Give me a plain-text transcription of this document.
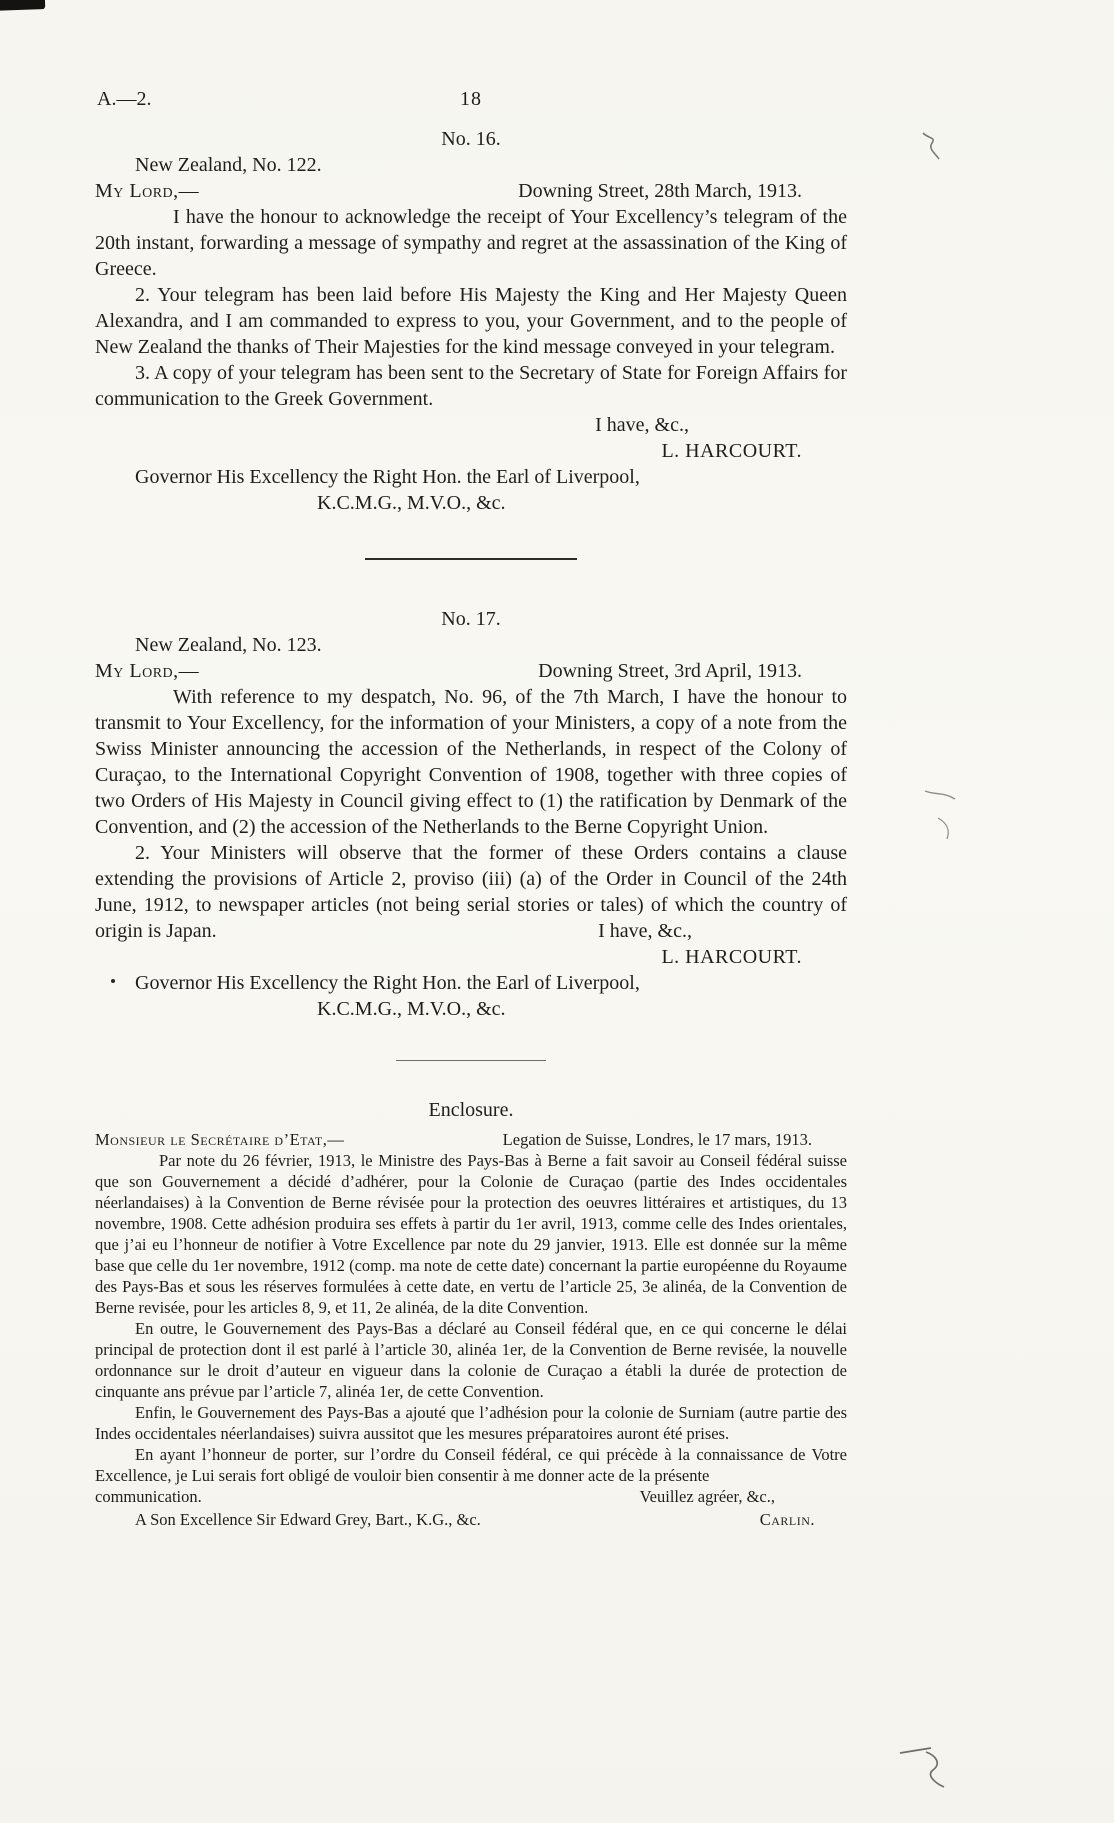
A.—2.	18
No. 16.
New Zealand, No. 122.
My Lord,—	Downing Street, 28th March, 1913.

I have the honour to acknowledge the receipt of Your Excellency’s telegram of the 20th instant, forwarding a message of sympathy and regret at the assassination of the King of Greece.

2. Your telegram has been laid before His Majesty the King and Her Majesty Queen Alexandra, and I am commanded to express to you, your Government, and to the people of New Zealand the thanks of Their Majesties for the kind message conveyed in your telegram.

3. A copy of your telegram has been sent to the Secretary of State for Foreign Affairs for communication to the Greek Government.

I have, &c.,
L. HARCOURT.
Governor His Excellency the Right Hon. the Earl of Liverpool,
K.C.M.G., M.V.O., &c.
No. 17.
New Zealand, No. 123.
My Lord,—	Downing Street, 3rd April, 1913.

With reference to my despatch, No. 96, of the 7th March, I have the honour to transmit to Your Excellency, for the information of your Ministers, a copy of a note from the Swiss Minister announcing the accession of the Netherlands, in respect of the Colony of Curaçao, to the International Copyright Convention of 1908, together with three copies of two Orders of His Majesty in Council giving effect to (1) the ratification by Denmark of the Convention, and (2) the accession of the Netherlands to the Berne Copyright Union.

2. Your Ministers will observe that the former of these Orders contains a clause extending the provisions of Article 2, proviso (iii) (a) of the Order in Council of the 24th June, 1912, to newspaper articles (not being serial stories or tales) of which the country of origin is Japan.	I have, &c.,

L. HARCOURT.
Governor His Excellency the Right Hon. the Earl of Liverpool,
K.C.M.G., M.V.O., &c.
Enclosure.
Monsieur le Secrétaire d’Etat,—	Legation de Suisse, Londres, le 17 mars, 1913.

Par note du 26 février, 1913, le Ministre des Pays-Bas à Berne a fait savoir au Conseil fédéral suisse que son Gouvernement a décidé d’adhérer, pour la Colonie de Curaçao (partie des Indes occidentales néerlandaises) à la Convention de Berne révisée pour la protection des oeuvres littéraires et artistiques, du 13 novembre, 1908. Cette adhésion produira ses effets à partir du 1er avril, 1913, comme celle des Indes orientales, que j’ai eu l’honneur de notifier à Votre Excellence par note du 29 janvier, 1913. Elle est donnée sur la même base que celle du 1er novembre, 1912 (comp. ma note de cette date) concernant la partie européenne du Royaume des Pays-Bas et sous les réserves formulées à cette date, en vertu de l’article 25, 3e alinéa, de la Convention de Berne revisée, pour les articles 8, 9, et 11, 2e alinéa, de la dite Convention.

En outre, le Gouvernement des Pays-Bas a déclaré au Conseil fédéral que, en ce qui concerne le délai principal de protection dont il est parlé à l’article 30, alinéa 1er, de la Convention de Berne revisée, la nouvelle ordonnance sur le droit d’auteur en vigueur dans la colonie de Curaçao a établi la durée de protection de cinquante ans prévue par l’article 7, alinéa 1er, de cette Convention.

Enfin, le Gouvernement des Pays-Bas a ajouté que l’adhésion pour la colonie de Surniam (autre partie des Indes occidentales néerlandaises) suivra aussitot que les mesures préparatoires auront été prises.

En ayant l’honneur de porter, sur l’ordre du Conseil fédéral, ce qui précède à la connaissance de Votre Excellence, je Lui serais fort obligé de vouloir bien consentir à me donner acte de la présente

communication.	Veuillez agréer, &c.,
A Son Excellence Sir Edward Grey, Bart., K.G., &c.	Carlin.
